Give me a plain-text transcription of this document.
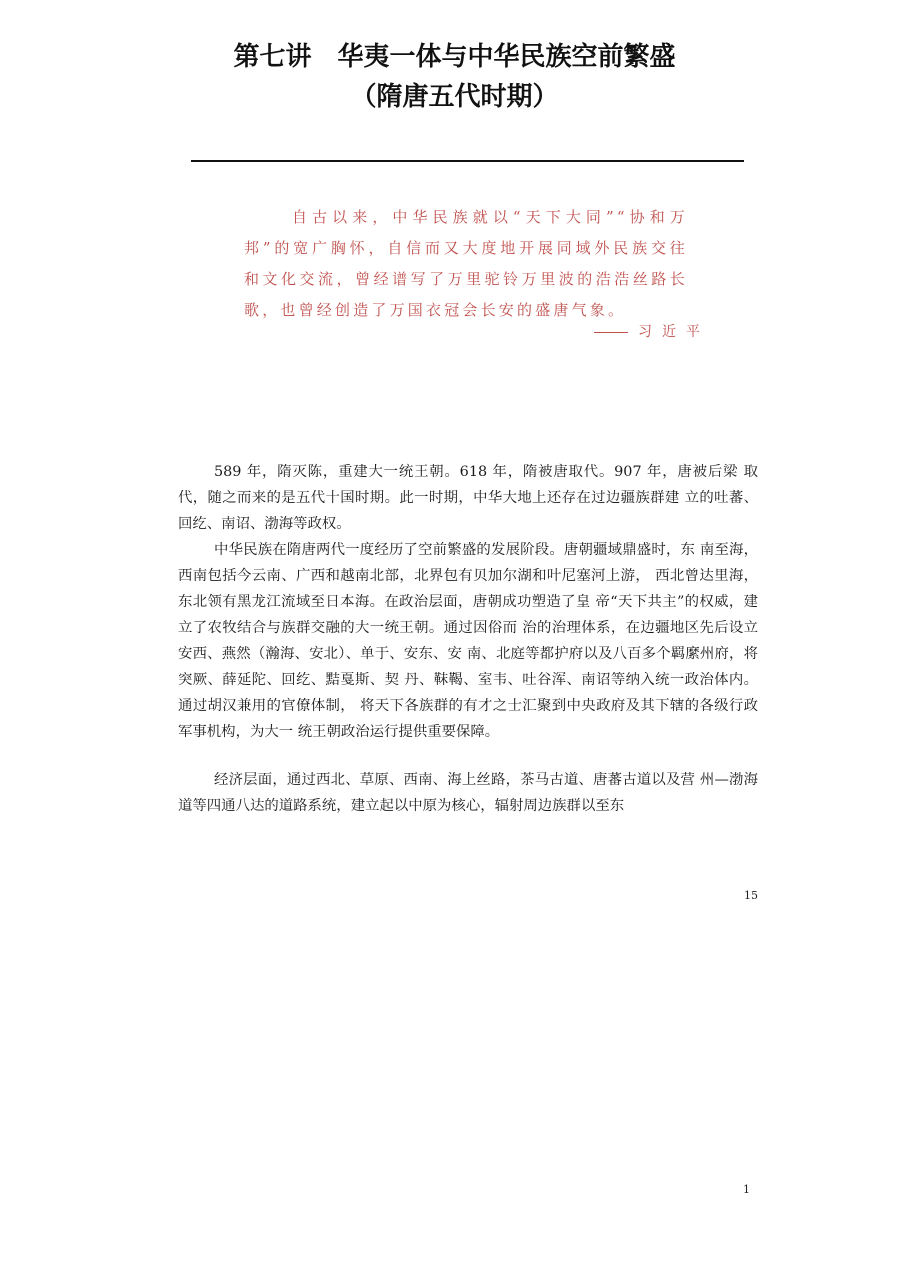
第七讲　华夷一体与中华民族空前繁盛
（隋唐五代时期）

自古以来，中华民族就以“天下大同”“协和万邦”的宽广胸怀，自信而又大度地开展同域外民族交往和文化交流，曾经谱写了万里驼铃万里波的浩浩丝路长歌，也曾经创造了万国衣冠会长安的盛唐气象。

习近平

589 年，隋灭陈，重建大一统王朝。618 年，隋被唐取代。907 年，唐被后梁 取代，随之而来的是五代十国时期。此一时期，中华大地上还存在过边疆族群建 立的吐蕃、回纥、南诏、渤海等政权。

中华民族在隋唐两代一度经历了空前繁盛的发展阶段。唐朝疆域鼎盛时，东 南至海，西南包括今云南、广西和越南北部，北界包有贝加尔湖和叶尼塞河上游， 西北曾达里海，东北领有黑龙江流域至日本海。在政治层面，唐朝成功塑造了皇 帝“天下共主”的权威，建立了农牧结合与族群交融的大一统王朝。通过因俗而 治的治理体系，在边疆地区先后设立安西、燕然（瀚海、安北）、单于、安东、安 南、北庭等都护府以及八百多个羁縻州府，将突厥、薛延陀、回纥、黠戛斯、契 丹、靺鞨、室韦、吐谷浑、南诏等纳入统一政治体内。通过胡汉兼用的官僚体制， 将天下各族群的有才之士汇聚到中央政府及其下辖的各级行政军事机构，为大一 统王朝政治运行提供重要保障。

经济层面，通过西北、草原、西南、海上丝路，茶马古道、唐蕃古道以及营 州—渤海道等四通八达的道路系统，建立起以中原为核心，辐射周边族群以至东

15
1
